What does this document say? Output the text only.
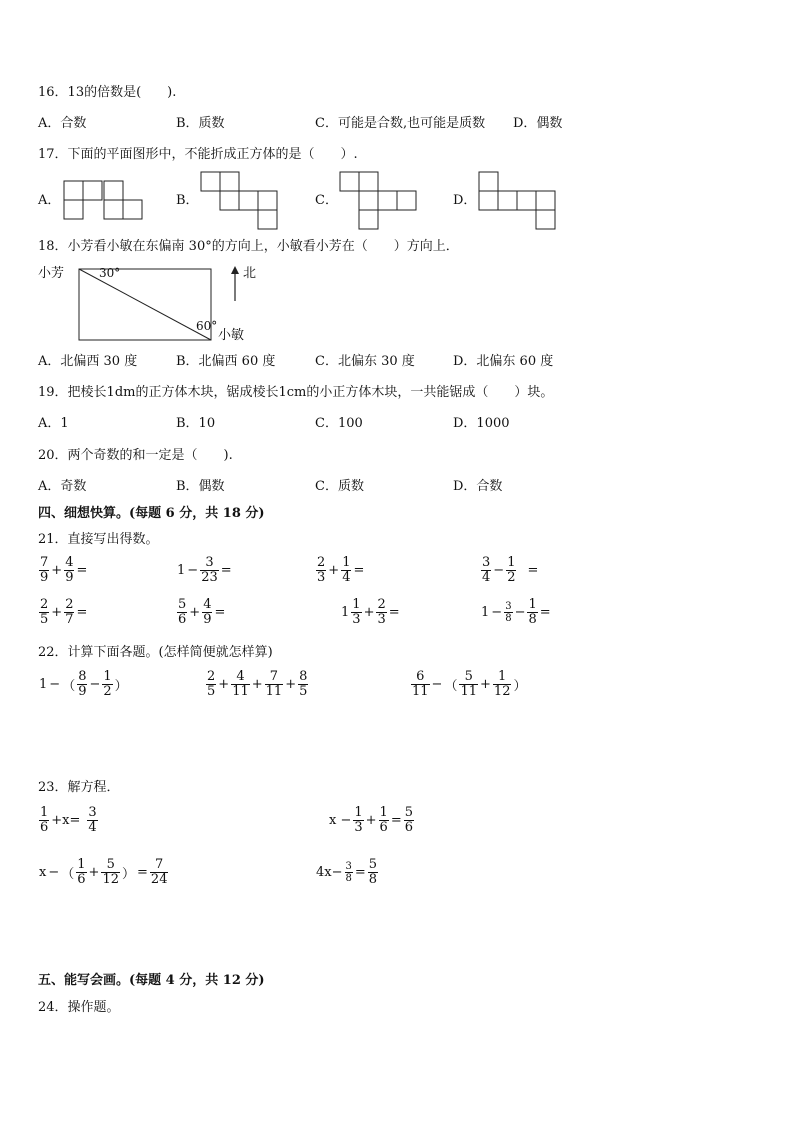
16．13的倍数是(　　).
A．合数	B．质数	C．可能是合数,也可能是质数 D．偶数
17．下面的平面图形中，不能折成正方体的是（　　）.
A．	B．	C．	D．
18．小芳看小敏在东偏南 30°的方向上，小敏看小芳在（　　）方向上．
小芳	30°
60°
小敏
北
A．北偏西 30 度	B．北偏西 60 度	C．北偏东 30 度	D．北偏东 60 度
19．把棱长1dm的正方体木块，锯成棱长1cm的小正方体木块，一共能锯成（　　）块。
A．1	B．10	C．100	D．1000
20．两个奇数的和一定是（　　).
A．奇数	B．偶数	C．质数	D．合数
四、细想快算。(每题 6 分，共 18 分)
21．直接写出得数。
$\frac{7}{9} + \frac{4}{9}$ =	$1 - \frac{3}{23}$ =	$\frac{2}{3} + \frac{1}{4}$ =	$\frac{3}{4} - \frac{1}{2}$ =
$\frac{2}{5} + \frac{2}{7}$ =	$\frac{5}{6} + \frac{4}{9}$ =	$1 \frac{1}{3} + \frac{2}{3}$ =	$1 - \frac{3}{8} - \frac{1}{8}$ =
22．计算下面各题。(怎样简便就怎样算)
1 − （ $\frac{8}{9} - \frac{1}{2}$ ）	$\frac{2}{5} + \frac{4}{11} + \frac{7}{11} + \frac{8}{5}$	$\frac{6}{11}$ − （ $\frac{5}{11} + \frac{1}{12}$ ）
23．解方程．
$\frac{1}{6} +x= \frac{3}{4}$	$x - \frac{1}{3} + \frac{1}{6} = \frac{5}{6}$
x − （ $\frac{1}{6} + \frac{5}{12}$ ） = $\frac{7}{24}$	$4x- \frac{3}{8} = \frac{5}{8}$
五、能写会画。(每题 4 分，共 12 分)
24．操作题。
